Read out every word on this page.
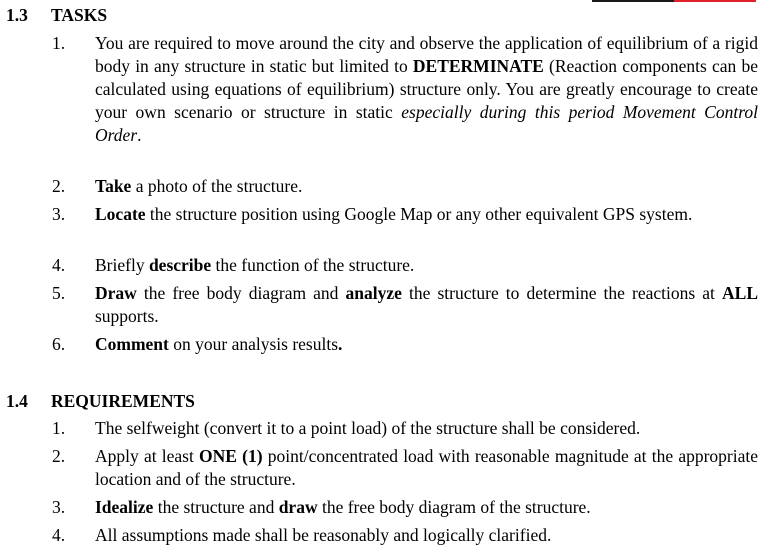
1.3 TASKS
1. You are required to move around the city and observe the application of equilibrium of a rigid body in any structure in static but limited to DETERMINATE (Reaction components can be calculated using equations of equilibrium) structure only. You are greatly encourage to create your own scenario or structure in static especially during this period Movement Control Order.
2. Take a photo of the structure.
3. Locate the structure position using Google Map or any other equivalent GPS system.
4. Briefly describe the function of the structure.
5. Draw the free body diagram and analyze the structure to determine the reactions at ALL supports.
6. Comment on your analysis results.
1.4 REQUIREMENTS
1. The selfweight (convert it to a point load) of the structure shall be considered.
2. Apply at least ONE (1) point/concentrated load with reasonable magnitude at the appropriate location and of the structure.
3. Idealize the structure and draw the free body diagram of the structure.
4. All assumptions made shall be reasonably and logically clarified.
